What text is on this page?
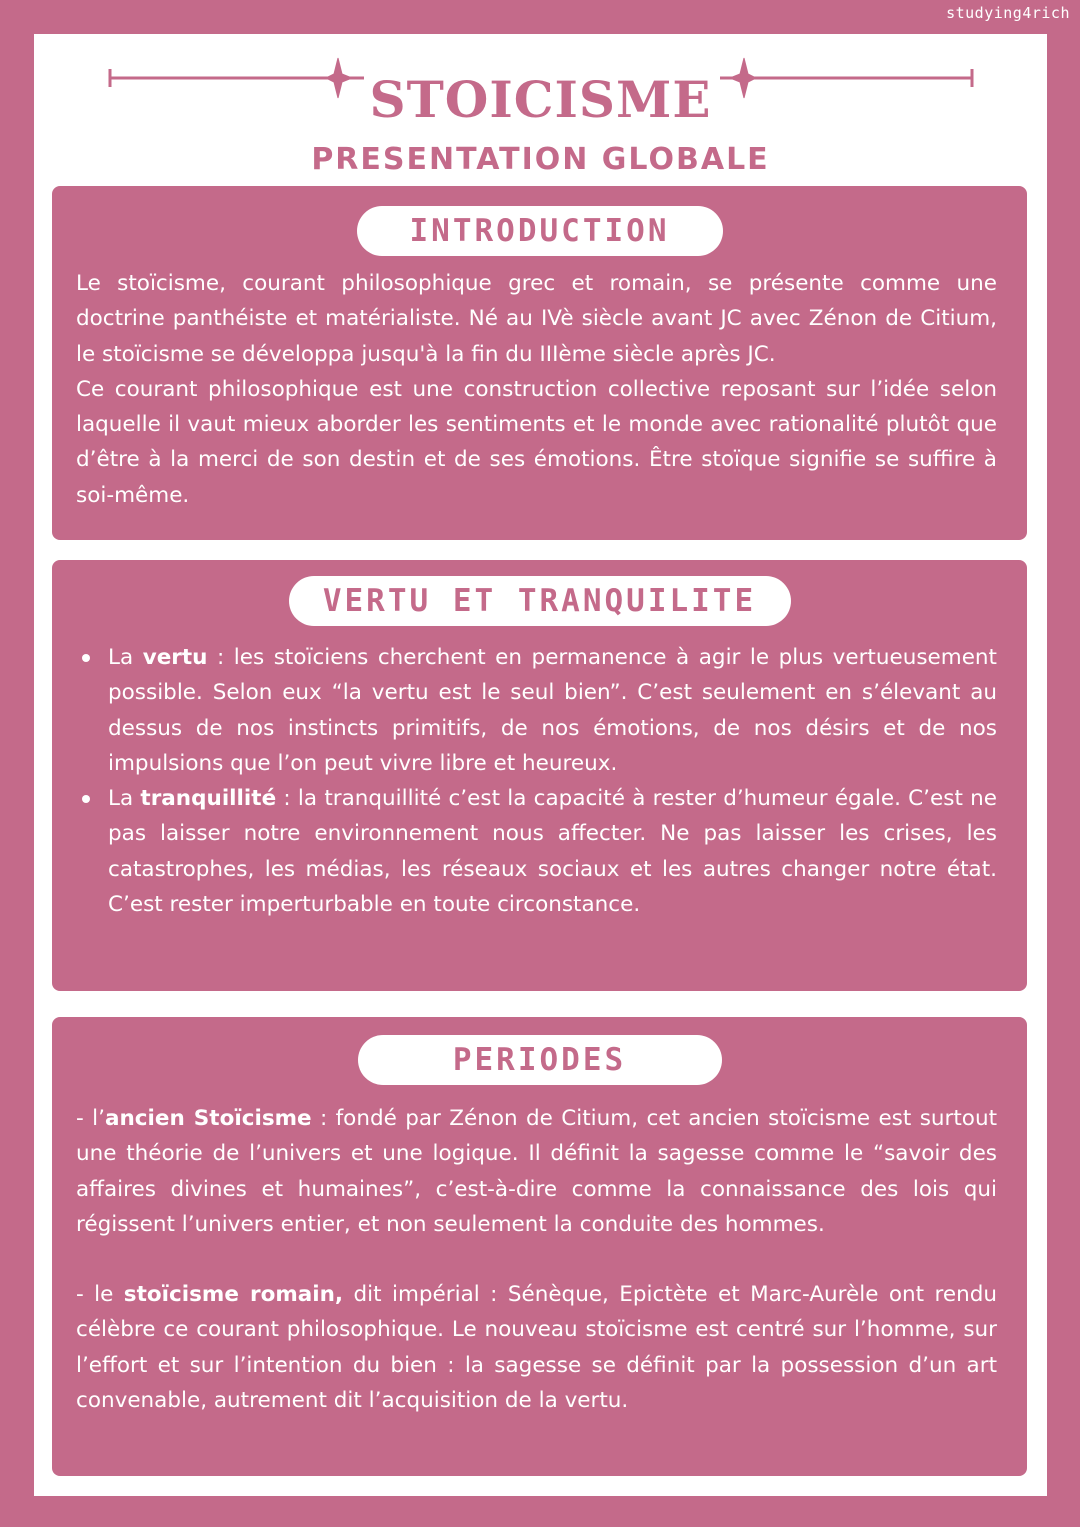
studying4rich
STOICISME
PRESENTATION GLOBALE
INTRODUCTION

Le stoïcisme, courant philosophique grec et romain, se présente comme une doctrine panthéiste et matérialiste. Né au IVè siècle avant JC avec Zénon de Citium, le stoïcisme se développa jusqu'à la fin du IIIème siècle après JC.

Ce courant philosophique est une construction collective reposant sur l’idée selon laquelle il vaut mieux aborder les sentiments et le monde avec rationalité plutôt que d’être à la merci de son destin et de ses émotions. Être stoïque signifie se suffire à soi-même.

VERTU ET TRANQUILITE
La vertu : les stoïciens cherchent en permanence à agir le plus vertueusement possible. Selon eux “la vertu est le seul bien”. C’est seulement en s’élevant au dessus de nos instincts primitifs, de nos émotions, de nos désirs et de nos impulsions que l’on peut vivre libre et heureux.
La tranquillité : la tranquillité c’est la capacité à rester d’humeur égale. C’est ne pas laisser notre environnement nous affecter. Ne pas laisser les crises, les catastrophes, les médias, les réseaux sociaux et les autres changer notre état. C’est rester imperturbable en toute circonstance.
PERIODES

- l’ancien Stoïcisme : fondé par Zénon de Citium, cet ancien stoïcisme est surtout une théorie de l’univers et une logique. Il définit la sagesse comme le “savoir des affaires divines et humaines”, c’est-à-dire comme la connaissance des lois qui régissent l’univers entier, et non seulement la conduite des hommes.

- le stoïcisme romain, dit impérial : Sénèque, Epictète et Marc-Aurèle ont rendu célèbre ce courant philosophique. Le nouveau stoïcisme est centré sur l’homme, sur l’effort et sur l’intention du bien : la sagesse se définit par la possession d’un art convenable, autrement dit l’acquisition de la vertu.
